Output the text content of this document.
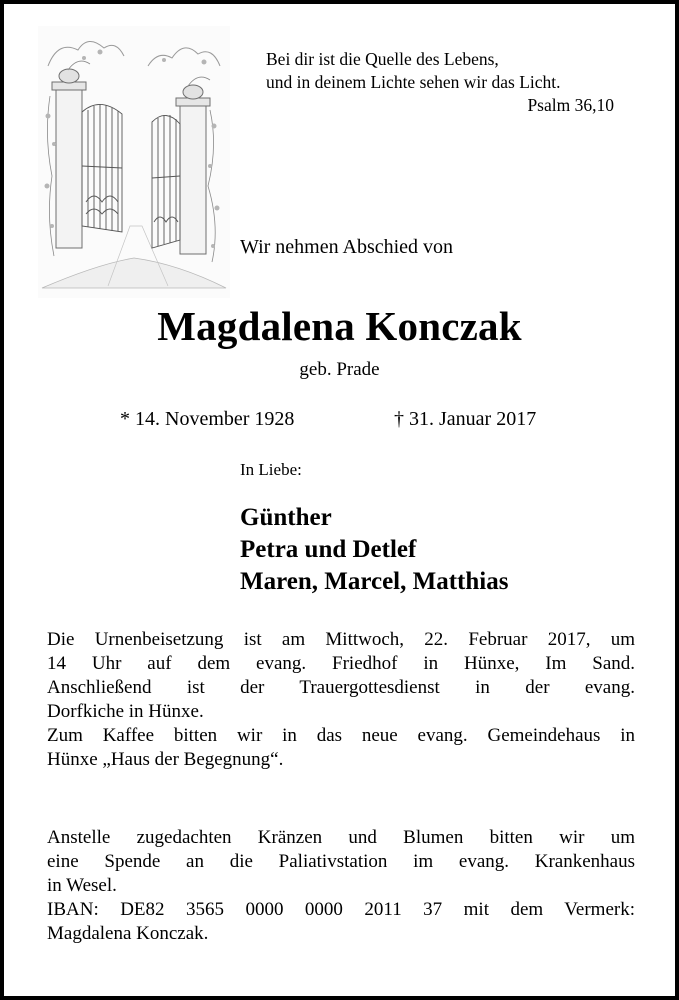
Bei dir ist die Quelle des Lebens,
und in deinem Lichte sehen wir das Licht.
Psalm 36,10
Wir nehmen Abschied von
Magdalena Konczak
geb. Prade
* 14. November 1928	† 31. Januar 2017
In Liebe:
Günther
Petra und Detlef
Maren, Marcel, Matthias
Die Urnenbeisetzung ist am Mittwoch, 22. Februar 2017, um
14 Uhr auf dem evang. Friedhof in Hünxe, Im Sand.
Anschließend ist der Trauergottesdienst in der evang.
Dorfkiche in Hünxe.
Zum Kaffee bitten wir in das neue evang. Gemeindehaus in
Hünxe „Haus der Begegnung“.
Anstelle zugedachten Kränzen und Blumen bitten wir um
eine Spende an die Paliativstation im evang. Krankenhaus
in Wesel.
IBAN: DE82 3565 0000 0000 2011 37 mit dem Vermerk:
Magdalena Konczak.
